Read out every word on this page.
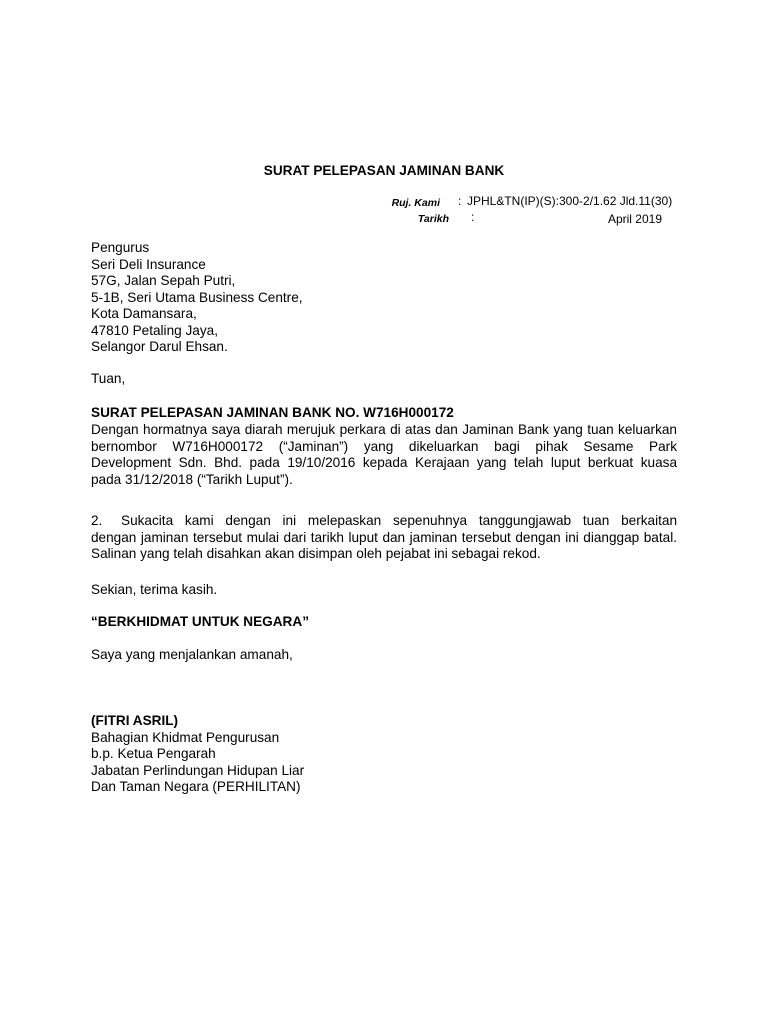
SURAT PELEPASAN JAMINAN BANK
Ruj. Kami : JPHL&TN(IP)(S):300-2/1.62 Jld.11(30)
Tarikh :	April 2019
Pengurus
Seri Deli Insurance
57G, Jalan Sepah Putri,
5-1B, Seri Utama Business Centre,
Kota Damansara,
47810 Petaling Jaya,
Selangor Darul Ehsan.
Tuan,
SURAT PELEPASAN JAMINAN BANK NO. W716H000172
Dengan hormatnya saya diarah merujuk perkara di atas dan Jaminan Bank yang tuan keluarkan
bernombor W716H000172 (“Jaminan”) yang dikeluarkan bagi pihak Sesame Park
Development Sdn. Bhd. pada 19/10/2016 kepada Kerajaan yang telah luput berkuat kuasa
pada 31/12/2018 (“Tarikh Luput”).
2. Sukacita kami dengan ini melepaskan sepenuhnya tanggungjawab tuan berkaitan
dengan jaminan tersebut mulai dari tarikh luput dan jaminan tersebut dengan ini dianggap batal.
Salinan yang telah disahkan akan disimpan oleh pejabat ini sebagai rekod.
Sekian, terima kasih.
“BERKHIDMAT UNTUK NEGARA”
Saya yang menjalankan amanah,
(FITRI ASRIL)
Bahagian Khidmat Pengurusan
b.p. Ketua Pengarah
Jabatan Perlindungan Hidupan Liar
Dan Taman Negara (PERHILITAN)
